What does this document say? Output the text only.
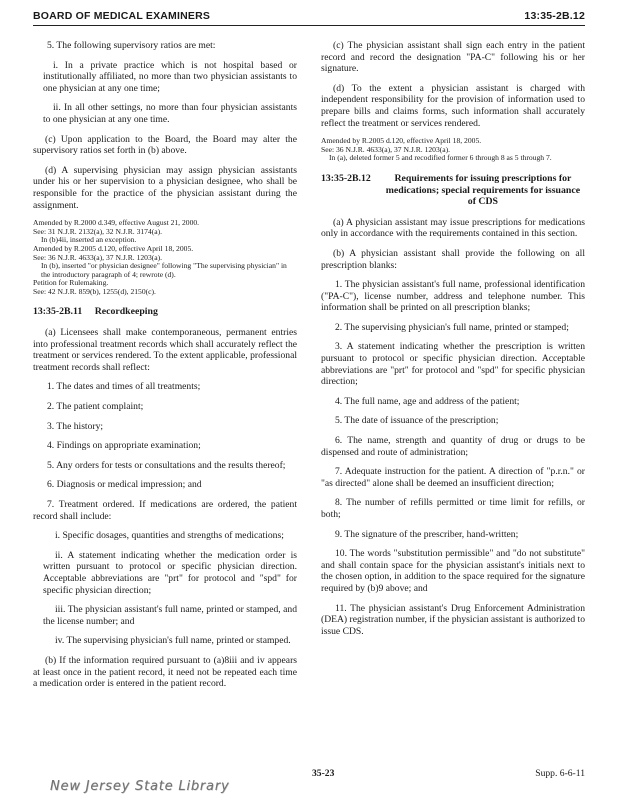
BOARD OF MEDICAL EXAMINERS	13:35-2B.12

5. The following supervisory ratios are met:

i. In a private practice which is not hospital based or institutionally affiliated, no more than two physician assistants to one physician at any one time;

ii. In all other settings, no more than four physician assistants to one physician at any one time.

(c) Upon application to the Board, the Board may alter the supervisory ratios set forth in (b) above.

(d) A supervising physician may assign physician assistants under his or her supervision to a physician designee, who shall be responsible for the practice of the physician assistant during the assignment.

Amended by R.2000 d.349, effective August 21, 2000.
See: 31 N.J.R. 2132(a), 32 N.J.R. 3174(a).
In (b)4ii, inserted an exception.
Amended by R.2005 d.120, effective April 18, 2005.
See: 36 N.J.R. 4633(a), 37 N.J.R. 1203(a).
In (b), inserted "or physician designee" following "The supervising physician" in the introductory paragraph of 4; rewrote (d).
Petition for Rulemaking.
See: 42 N.J.R. 859(b), 1255(d), 2150(c).
13:35-2B.11 Recordkeeping

(a) Licensees shall make contemporaneous, permanent entries into professional treatment records which shall accurately reflect the treatment or services rendered. To the extent applicable, professional treatment records shall reflect:

1. The dates and times of all treatments;

2. The patient complaint;

3. The history;

4. Findings on appropriate examination;

5. Any orders for tests or consultations and the results thereof;

6. Diagnosis or medical impression; and

7. Treatment ordered. If medications are ordered, the patient record shall include:

i. Specific dosages, quantities and strengths of medications;

ii. A statement indicating whether the medication order is written pursuant to protocol or specific physician direction. Acceptable abbreviations are "prt" for protocol and "spd" for specific physician direction;

iii. The physician assistant's full name, printed or stamped, and the license number; and

iv. The supervising physician's full name, printed or stamped.

(b) If the information required pursuant to (a)8iii and iv appears at least once in the patient record, it need not be repeated each time a medication order is entered in the patient record.

(c) The physician assistant shall sign each entry in the patient record and record the designation "PA-C" following his or her signature.

(d) To the extent a physician assistant is charged with independent responsibility for the provision of information used to prepare bills and claims forms, such information shall accurately reflect the treatment or services rendered.

Amended by R.2005 d.120, effective April 18, 2005.
See: 36 N.J.R. 4633(a), 37 N.J.R. 1203(a).
In (a), deleted former 5 and recodified former 6 through 8 as 5 through 7.
13:35-2B.12	Requirements for issuing prescriptions for medications; special requirements for issuance of CDS

(a) A physician assistant may issue prescriptions for medications only in accordance with the requirements contained in this section.

(b) A physician assistant shall provide the following on all prescription blanks:

1. The physician assistant's full name, professional identification ("PA-C"), license number, address and telephone number. This information shall be printed on all prescription blanks;

2. The supervising physician's full name, printed or stamped;

3. A statement indicating whether the prescription is written pursuant to protocol or specific physician direction. Acceptable abbreviations are "prt" for protocol and "spd" for specific physician direction;

4. The full name, age and address of the patient;

5. The date of issuance of the prescription;

6. The name, strength and quantity of drug or drugs to be dispensed and route of administration;

7. Adequate instruction for the patient. A direction of "p.r.n." or "as directed" alone shall be deemed an insufficient direction;

8. The number of refills permitted or time limit for refills, or both;

9. The signature of the prescriber, hand-written;

10. The words "substitution permissible" and "do not substitute" and shall contain space for the physician assistant's initials next to the chosen option, in addition to the space required for the signature required by (b)9 above; and

11. The physician assistant's Drug Enforcement Administration (DEA) registration number, if the physician assistant is authorized to issue CDS.

35-23	Supp. 6-6-11
New Jersey State Library
